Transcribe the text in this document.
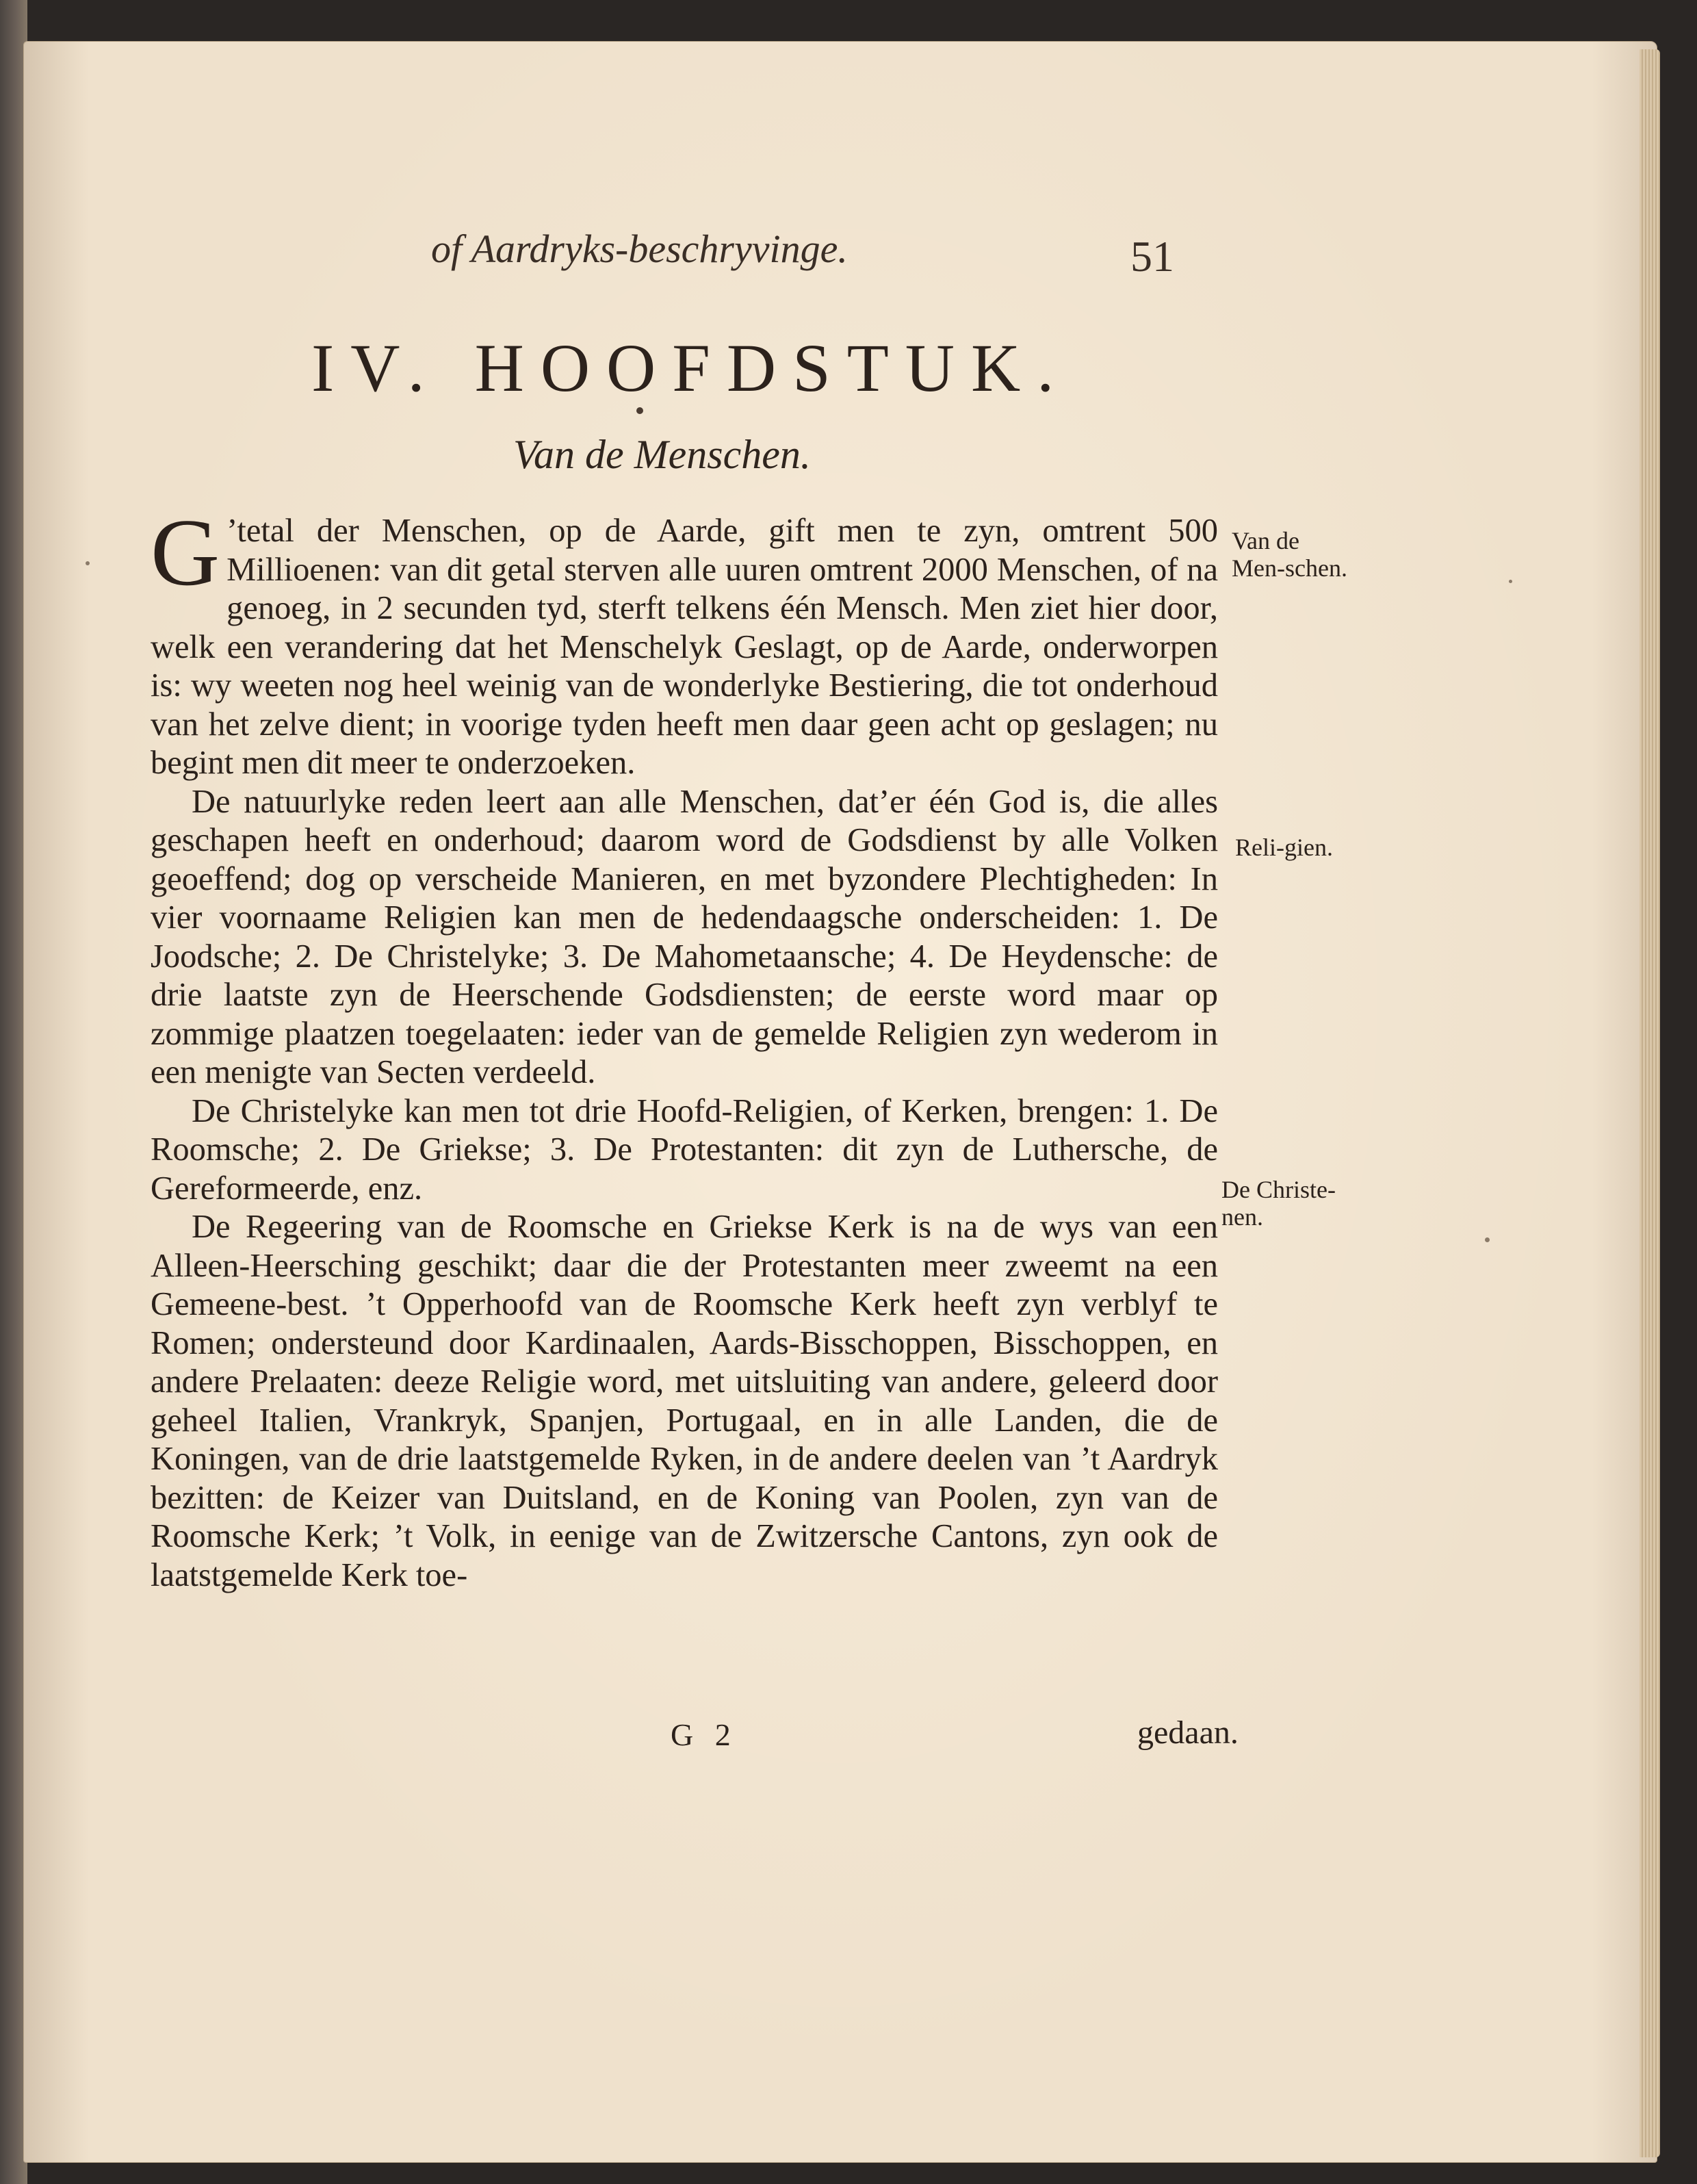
of Aardryks-beschryvinge.	51
IV. HOOFDSTUK.
Van de Menschen.

’t
G etal der Menschen, op de Aarde, gift men te zyn, omtrent 500 Millioenen: van dit getal sterven alle uuren omtrent 2000 Menschen, of na genoeg, in 2 secunden tyd, sterft telkens één Mensch. Men ziet hier door, welk een verandering dat het Menschelyk Geslagt, op de Aarde, onderworpen is: wy weeten nog heel weinig van de wonderlyke Bestiering, die tot onderhoud van het zelve dient; in voorige tyden heeft men daar geen acht op geslagen; nu begint men dit meer te onderzoeken.

De natuurlyke reden leert aan alle Menschen, dat’er één God is, die alles geschapen heeft en onderhoud; daarom word de Godsdienst by alle Volken geoeffend; dog op verscheide Manieren, en met byzondere Plechtigheden: In vier voornaame Religien kan men de hedendaagsche onderscheiden: 1. De Joodsche; 2. De Christelyke; 3. De Mahometaansche; 4. De Heydensche: de drie laatste zyn de Heerschende Godsdiensten; de eerste word maar op zommige plaatzen toegelaaten: ieder van de gemelde Religien zyn wederom in een menigte van Secten verdeeld.

De Christelyke kan men tot drie Hoofd-Religien, of Kerken, brengen: 1. De Roomsche; 2. De Griekse; 3. De Protestanten: dit zyn de Luthersche, de Gereformeerde, enz.

De Regeering van de Roomsche en Griekse Kerk is na de wys van een Alleen-Heersching geschikt; daar die der Protestanten meer zweemt na een Gemeene-best. ’t Opperhoofd van de Roomsche Kerk heeft zyn verblyf te Romen; ondersteund door Kardinaalen, Aards-Bisschoppen, Bisschoppen, en andere Prelaaten: deeze Religie word, met uitsluiting van andere, geleerd door geheel Italien, Vrankryk, Spanjen, Portugaal, en in alle Landen, die de Koningen, van de drie laatstgemelde Ryken, in de andere deelen van ’t Aardryk bezitten: de Keizer van Duitsland, en de Koning van Poolen, zyn van de Roomsche Kerk; ’t Volk, in eenige van de Zwitzersche Cantons, zyn ook de laatstgemelde Kerk toe-

Van de Men-schen.
Reli-gien.
De Christe-nen.
G 2	gedaan.
